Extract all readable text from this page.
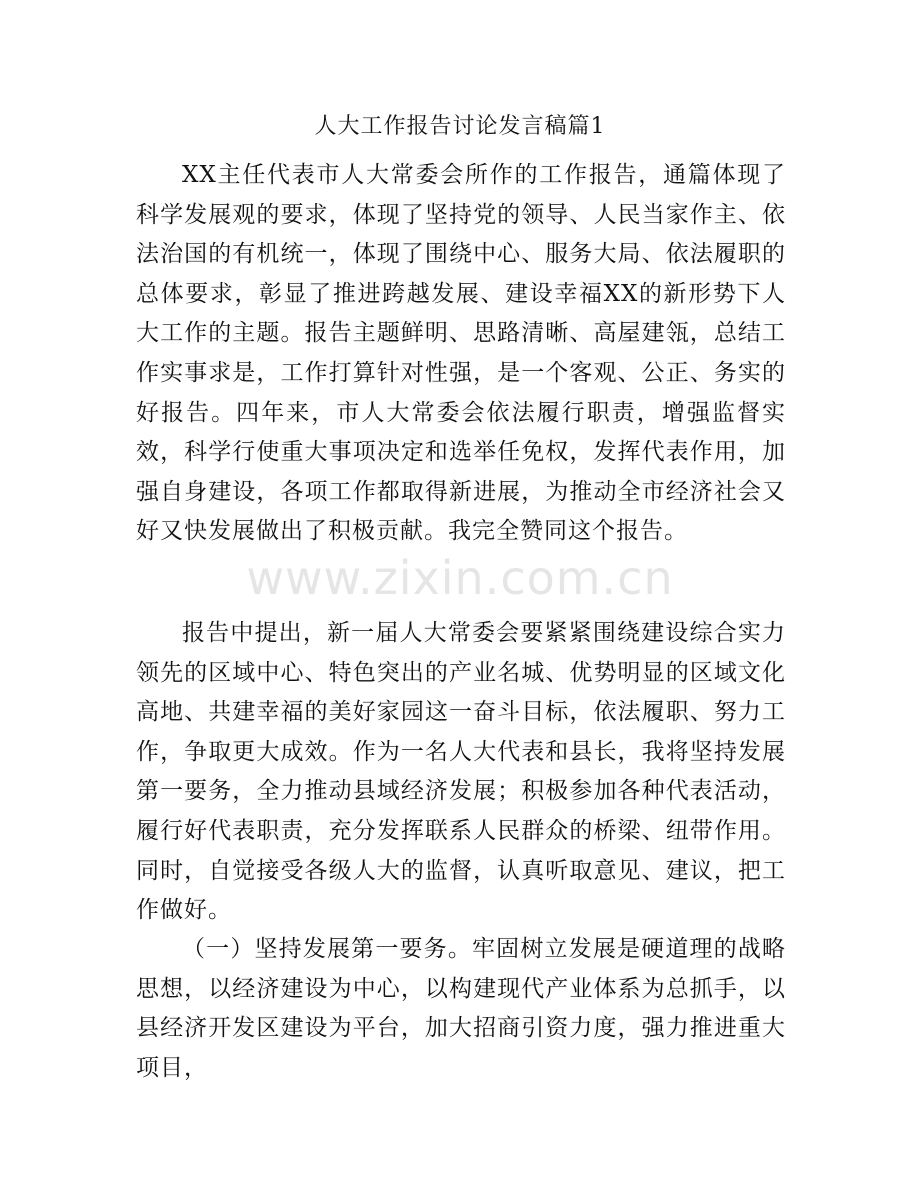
人大工作报告讨论发言稿篇1

XX主任代表市人大常委会所作的工作报告，通篇体现了科学发展观的要求，体现了坚持党的领导、人民当家作主、依法治国的有机统一，体现了围绕中心、服务大局、依法履职的总体要求，彰显了推进跨越发展、建设幸福XX的新形势下人大工作的主题。报告主题鲜明、思路清晰、高屋建瓴，总结工作实事求是，工作打算针对性强，是一个客观、公正、务实的好报告。四年来，市人大常委会依法履行职责，增强监督实效，科学行使重大事项决定和选举任免权，发挥代表作用，加强自身建设，各项工作都取得新进展，为推动全市经济社会又好又快发展做出了积极贡献。我完全赞同这个报告。

报告中提出，新一届人大常委会要紧紧围绕建设综合实力领先的区域中心、特色突出的产业名城、优势明显的区域文化高地、共建幸福的美好家园这一奋斗目标，依法履职、努力工作，争取更大成效。作为一名人大代表和县长，我将坚持发展第一要务，全力推动县域经济发展；积极参加各种代表活动，履行好代表职责，充分发挥联系人民群众的桥梁、纽带作用。同时，自觉接受各级人大的监督，认真听取意见、建议，把工作做好。

（一）坚持发展第一要务。牢固树立发展是硬道理的战略思想，以经济建设为中心，以构建现代产业体系为总抓手，以县经济开发区建设为平台，加大招商引资力度，强力推进重大项目，

www.zixin.com.cn
